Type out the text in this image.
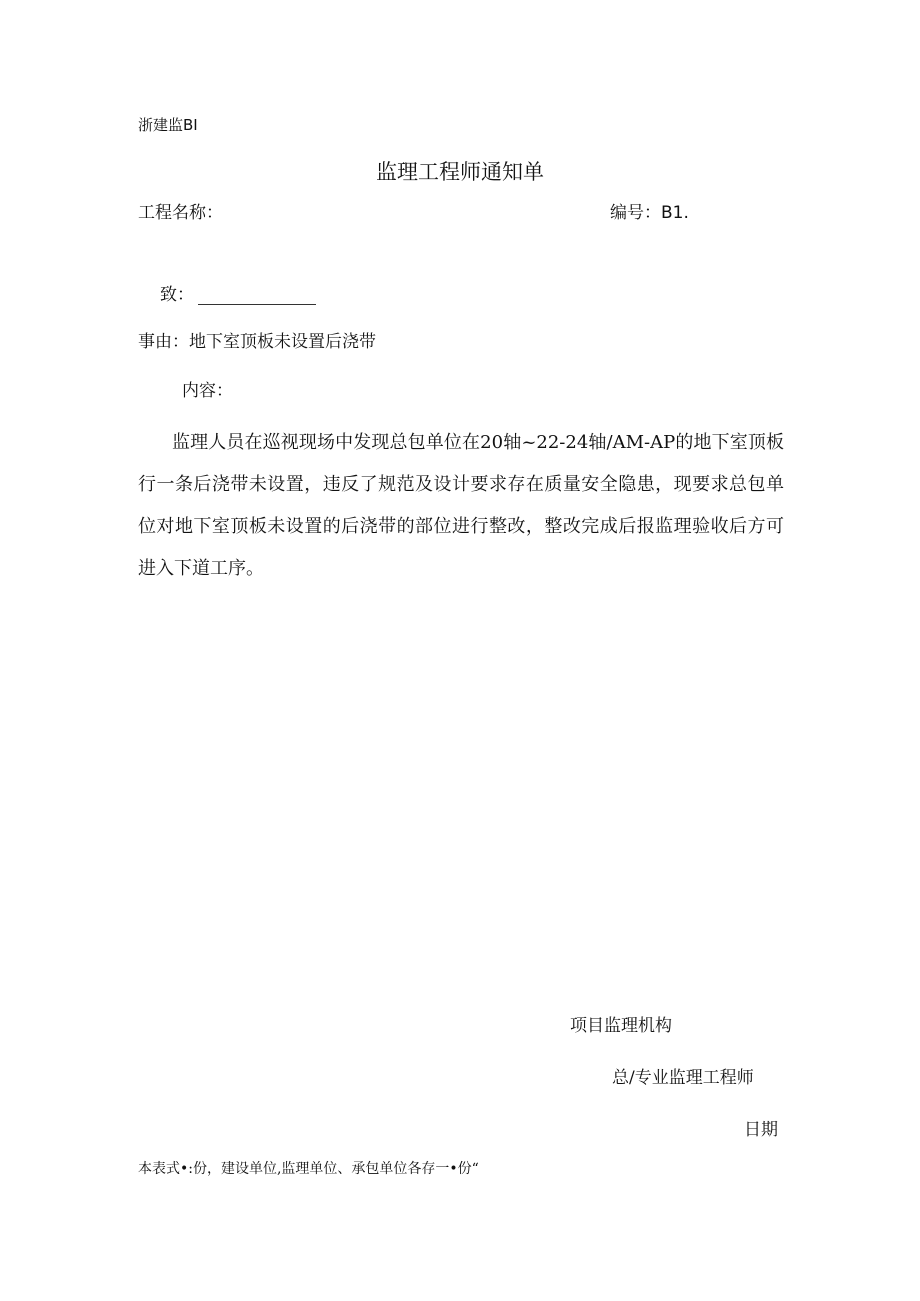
浙建监BI
监理工程师通知单
工程名称：	编号：B1.
致：
事由：地下室顶板未设置后浇带
内容：
监理人员在巡视现场中发现总包单位在20轴~22-24轴/AM-AP的地下室顶板行一条后浇带未设置，违反了规范及设计要求存在质量安全隐患，现要求总包单位对地下室顶板未设置的后浇带的部位进行整改，整改完成后报监理验收后方可进入下道工序。
项目监理机构
总/专业监理工程师
日期
本表式•:份，建设单位,监理单位、承包单位各存一•份“
